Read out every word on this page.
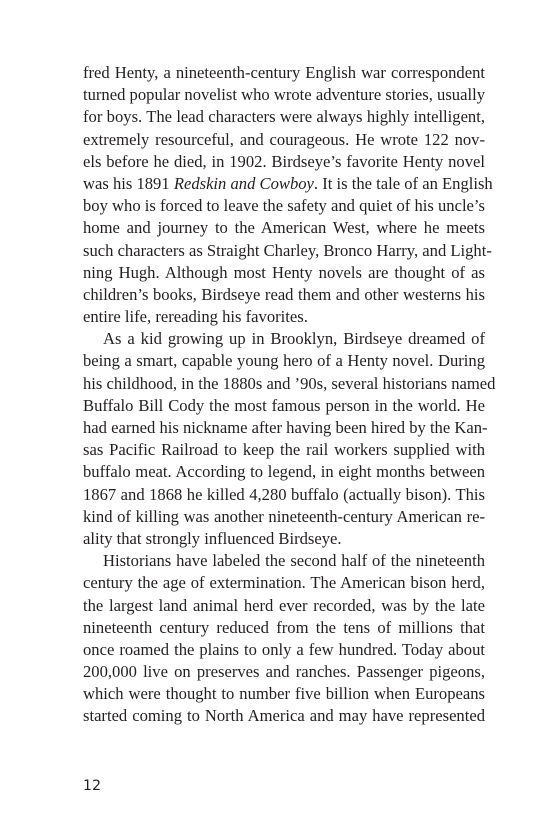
fred Henty, a nineteenth-century English war correspondent
turned popular novelist who wrote adventure stories, usually
for boys. The lead characters were always highly intelligent,
extremely resourceful, and courageous. He wrote 122 nov-
els before he died, in 1902. Birdseye’s favorite Henty novel
was his 1891 Redskin and Cowboy. It is the tale of an English
boy who is forced to leave the safety and quiet of his uncle’s
home and journey to the American West, where he meets
such characters as Straight Charley, Bronco Harry, and Light-
ning Hugh. Although most Henty novels are thought of as
children’s books, Birdseye read them and other westerns his
entire life, rereading his favorites.
As a kid growing up in Brooklyn, Birdseye dreamed of
being a smart, capable young hero of a Henty novel. During
his childhood, in the 1880s and ’90s, several historians named
Buffalo Bill Cody the most famous person in the world. He
had earned his nickname after having been hired by the Kan-
sas Pacific Railroad to keep the rail workers supplied with
buffalo meat. According to legend, in eight months between
1867 and 1868 he killed 4,280 buffalo (actually bison). This
kind of killing was another nineteenth-century American re-
ality that strongly influenced Birdseye.
Historians have labeled the second half of the nineteenth
century the age of extermination. The American bison herd,
the largest land animal herd ever recorded, was by the late
nineteenth century reduced from the tens of millions that
once roamed the plains to only a few hundred. Today about
200,000 live on preserves and ranches. Passenger pigeons,
which were thought to number five billion when Europeans
started coming to North America and may have represented
12
